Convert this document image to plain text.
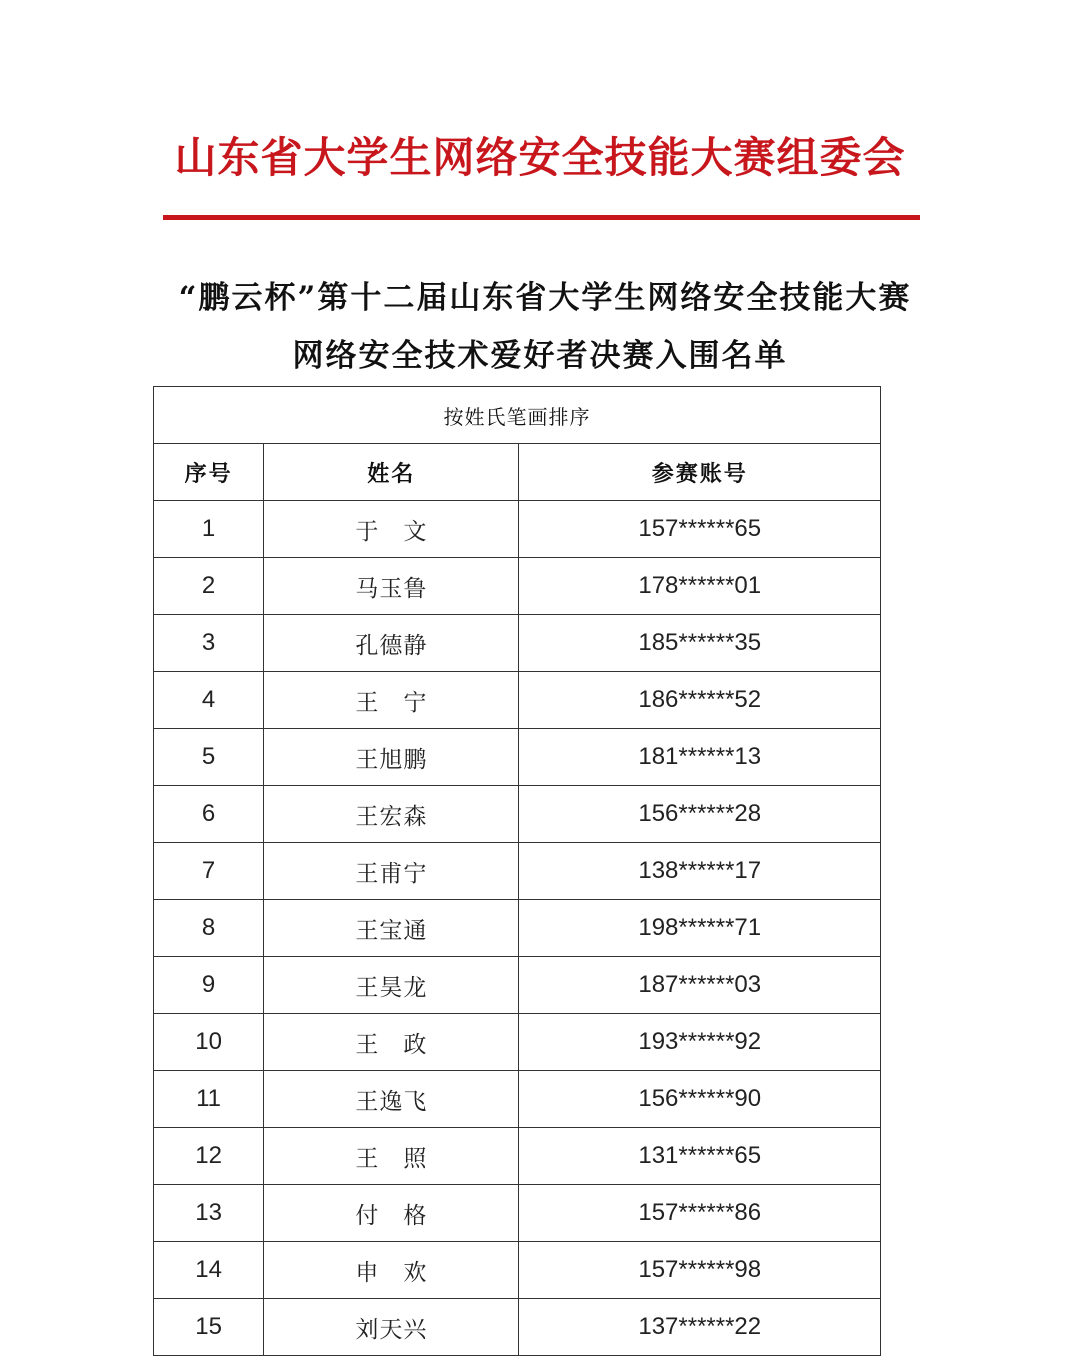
山东省大学生网络安全技能大赛组委会
“鹏云杯”第十二届山东省大学生网络安全技能大赛
网络安全技术爱好者决赛入围名单
按姓氏笔画排序		
序号	姓名	参赛账号
1	于　文	157******65
2	马玉鲁	178******01
3	孔德静	185******35
4	王　宁	186******52
5	王旭鹏	181******13
6	王宏森	156******28
7	王甫宁	138******17
8	王宝通	198******71
9	王昊龙	187******03
10	王　政	193******92
11	王逸飞	156******90
12	王　照	131******65
13	付　格	157******86
14	申　欢	157******98
15	刘天兴	137******22
